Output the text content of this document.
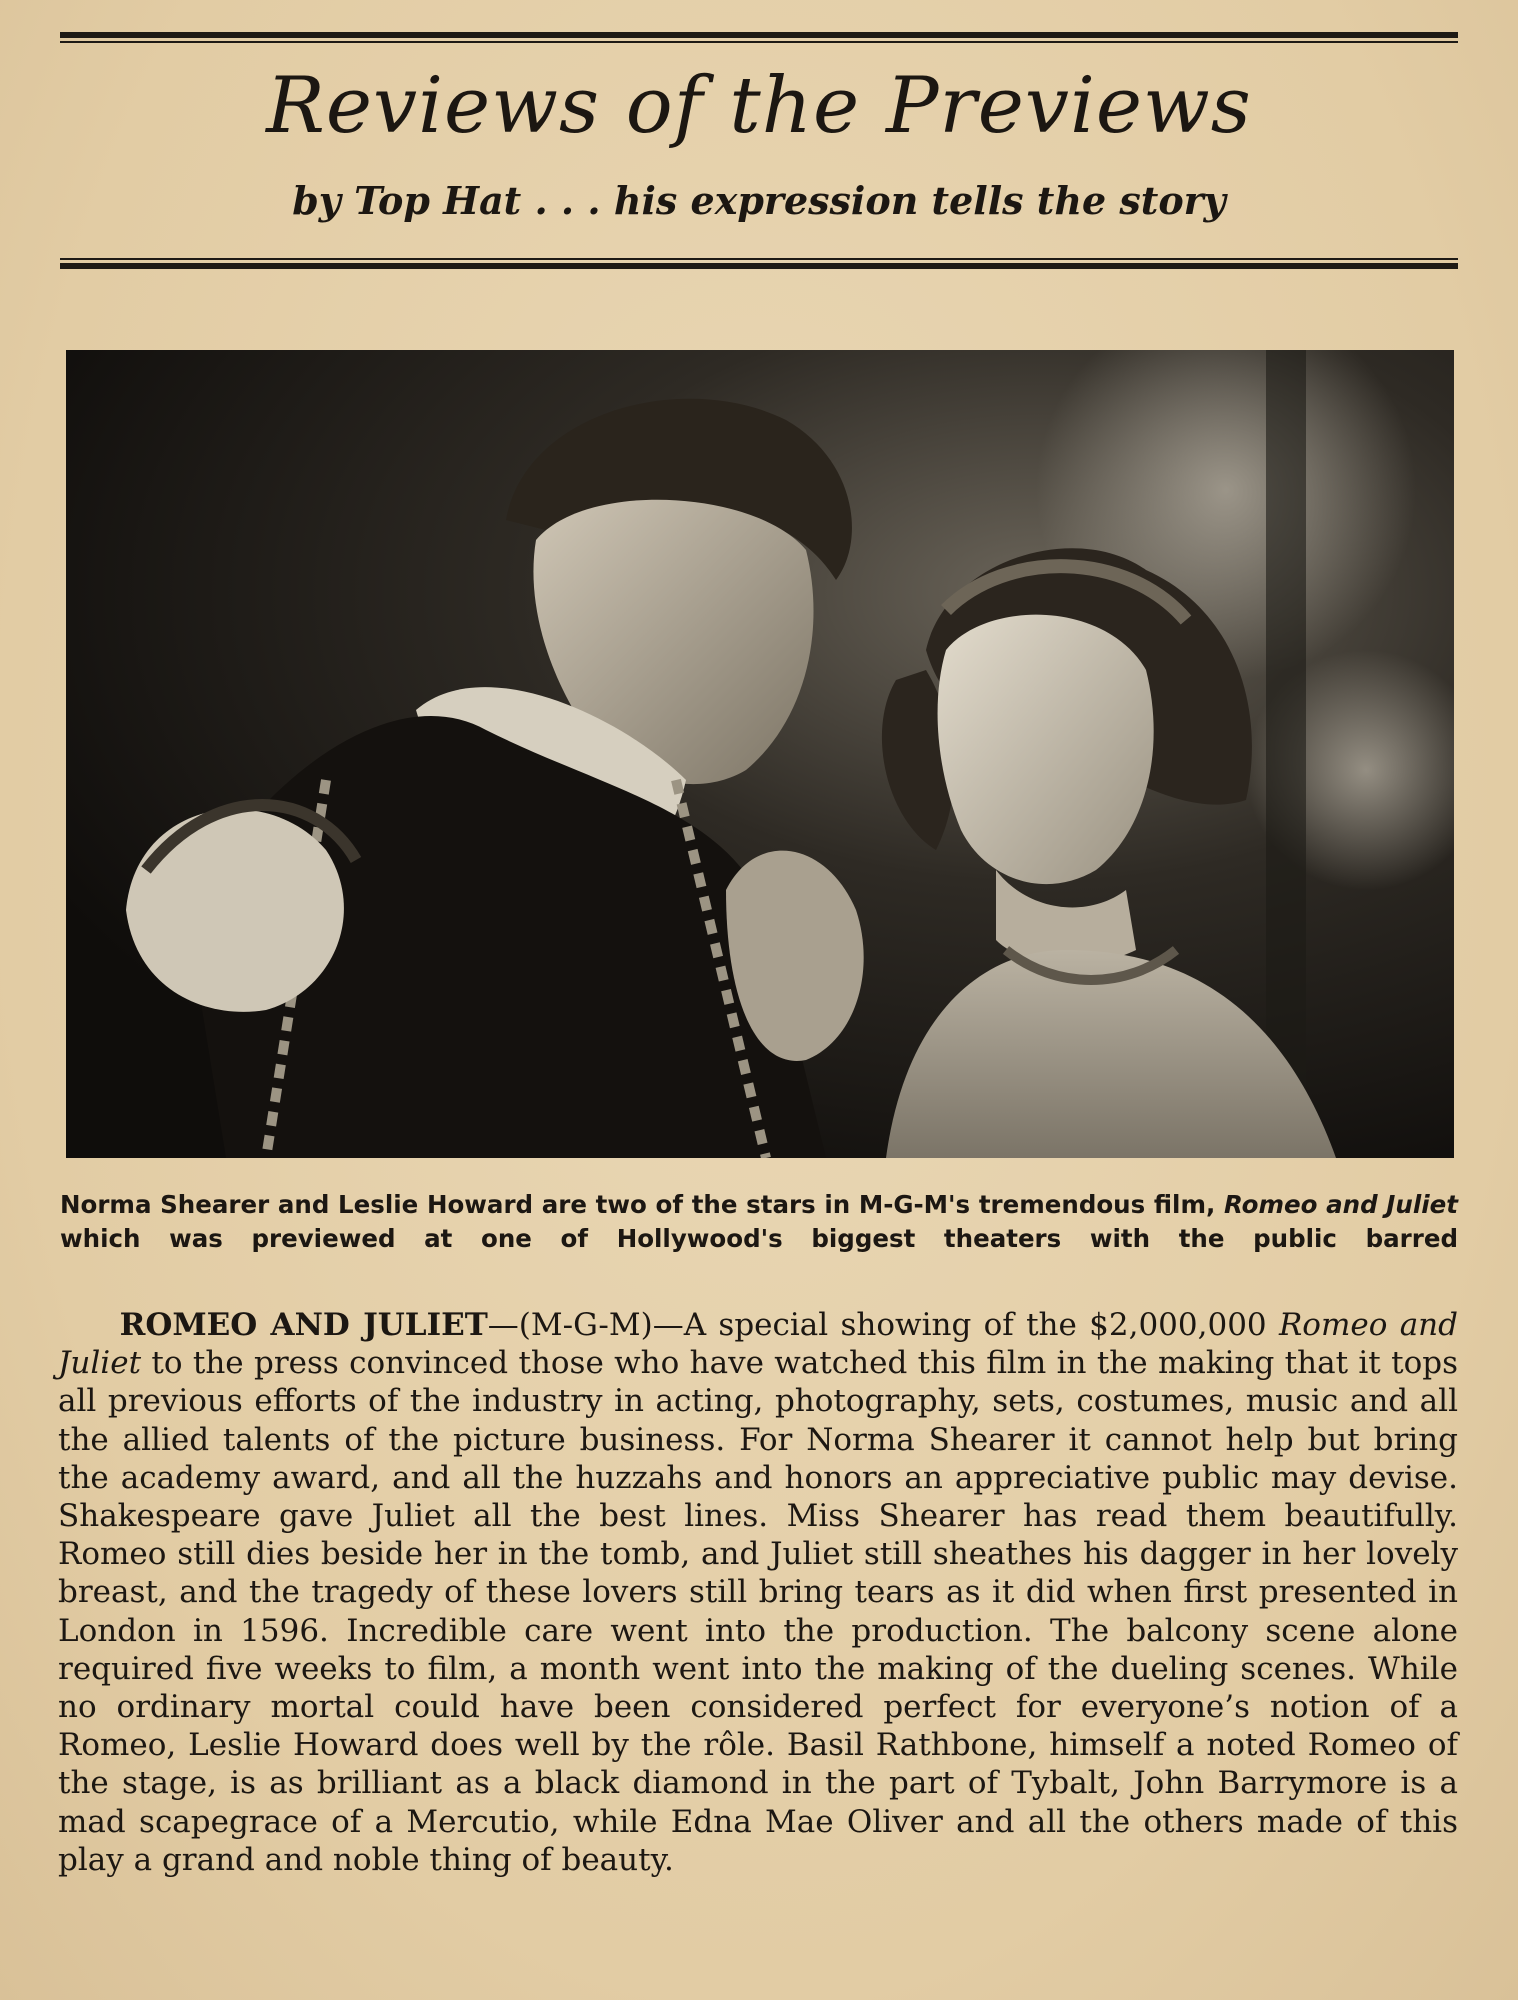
Reviews of the Previews
by Top Hat . . . his expression tells the story
Norma Shearer and Leslie Howard are two of the stars in M-G-M's tremendous film, Romeo and Juliet which was previewed at one of Hollywood's biggest theaters with the public barred
ROMEO AND JULIET—(M-G-M)—A special showing of the $2,000,000 Romeo and Juliet to the press convinced those who have watched this film in the making that it tops all previous efforts of the industry in acting, photography, sets, costumes, music and all the allied talents of the picture business. For Norma Shearer it cannot help but bring the academy award, and all the huzzahs and honors an appreciative public may devise. Shakespeare gave Juliet all the best lines. Miss Shearer has read them beautifully. Romeo still dies beside her in the tomb, and Juliet still sheathes his dagger in her lovely breast, and the tragedy of these lovers still bring tears as it did when first presented in London in 1596. Incredible care went into the production. The balcony scene alone required five weeks to film, a month went into the making of the dueling scenes. While no ordinary mortal could have been considered perfect for everyone’s notion of a Romeo, Leslie Howard does well by the rôle. Basil Rathbone, himself a noted Romeo of the stage, is as brilliant as a black diamond in the part of Tybalt, John Barrymore is a mad scapegrace of a Mercutio, while Edna Mae Oliver and all the others made of this play a grand and noble thing of beauty.
